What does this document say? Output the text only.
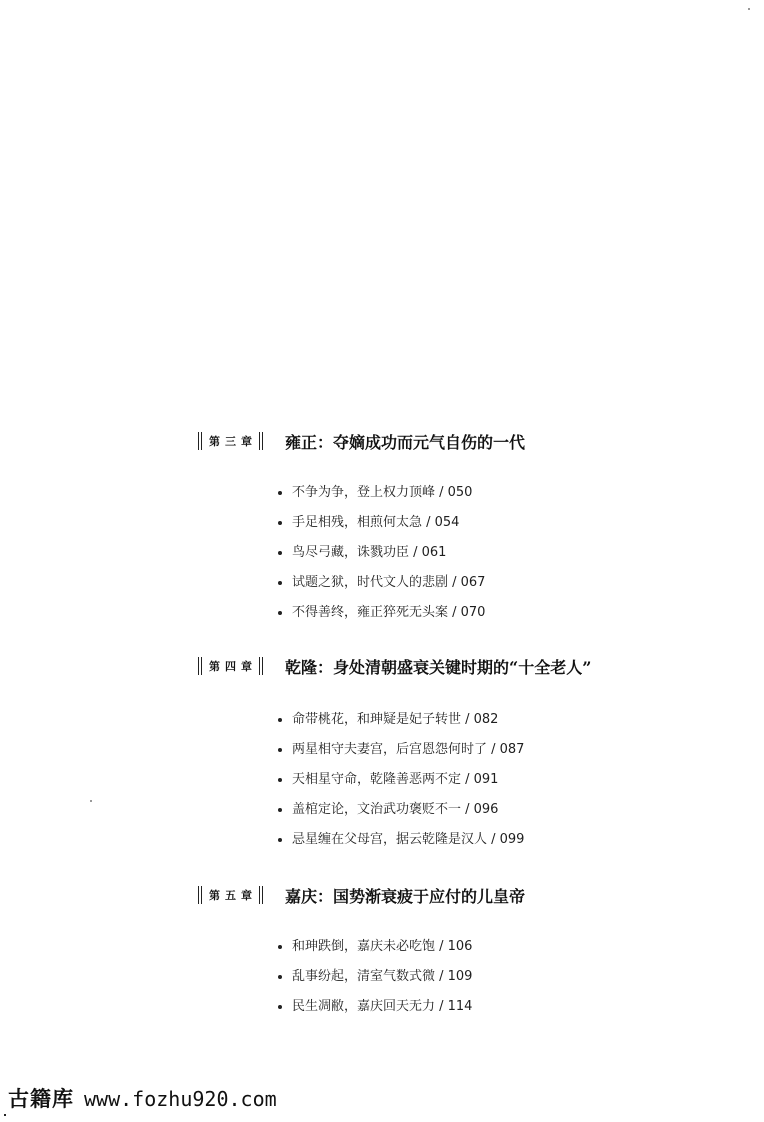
第三章 雍正：夺嫡成功而元气自伤的一代
不争为争，登上权力顶峰 / 050
手足相残，相煎何太急 / 054
鸟尽弓藏，诛戮功臣 / 061
试题之狱，时代文人的悲剧 / 067
不得善终，雍正猝死无头案 / 070
第四章 乾隆：身处清朝盛衰关键时期的“十全老人”
命带桃花，和珅疑是妃子转世 / 082
两星相守夫妻宫，后宫恩怨何时了 / 087
天相星守命，乾隆善恶两不定 / 091
盖棺定论，文治武功褒贬不一 / 096
忌星缠在父母宫，据云乾隆是汉人 / 099
第五章 嘉庆：国势渐衰疲于应付的儿皇帝
和珅跌倒，嘉庆未必吃饱 / 106
乱事纷起，清室气数式微 / 109
民生凋敝，嘉庆回天无力 / 114
古籍库 www.fozhu920.com
